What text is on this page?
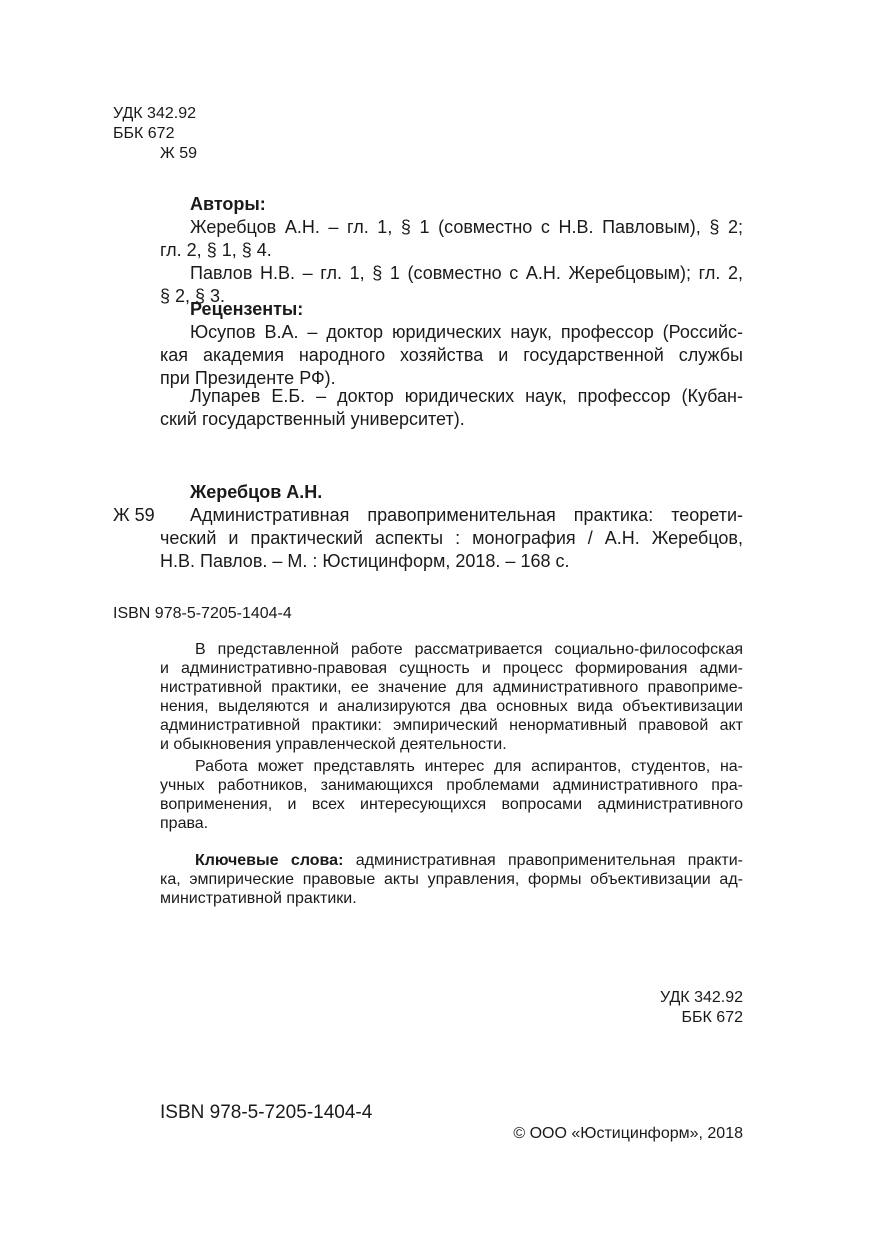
УДК 342.92
ББК 672
Ж 59
Авторы:
Жеребцов А.Н. – гл. 1, § 1 (совместно с Н.В. Павловым), § 2;
гл. 2, § 1, § 4.
Павлов Н.В. – гл. 1, § 1 (совместно с А.Н. Жеребцовым); гл. 2,
§ 2, § 3.
Рецензенты:
Юсупов В.А. – доктор юридических наук, профессор (Российс-
кая академия народного хозяйства и государственной службы
при Президенте РФ).
Лупарев Е.Б. – доктор юридических наук, профессор (Кубан-
ский государственный университет).
Жеребцов А.Н.
Ж 59 Административная правоприменительная практика: теорети-
ческий и практический аспекты : монография / А.Н. Жеребцов,
Н.В. Павлов. – М. : Юстицинформ, 2018. – 168 с.
ISBN 978-5-7205-1404-4
В представленной работе рассматривается социально-философская
и административно-правовая сущность и процесс формирования адми-
нистративной практики, ее значение для административного правоприме-
нения, выделяются и анализируются два основных вида объективизации
административной практики: эмпирический ненормативный правовой акт
и обыкновения управленческой деятельности.
Работа может представлять интерес для аспирантов, студентов, на-
учных работников, занимающихся проблемами административного пра-
воприменения, и всех интересующихся вопросами административного
права.
Ключевые слова: административная правоприменительная практи-
ка, эмпирические правовые акты управления, формы объективизации ад-
министративной практики.
УДК 342.92
ББК 672
ISBN 978-5-7205-1404-4
© ООО «Юстицинформ», 2018
